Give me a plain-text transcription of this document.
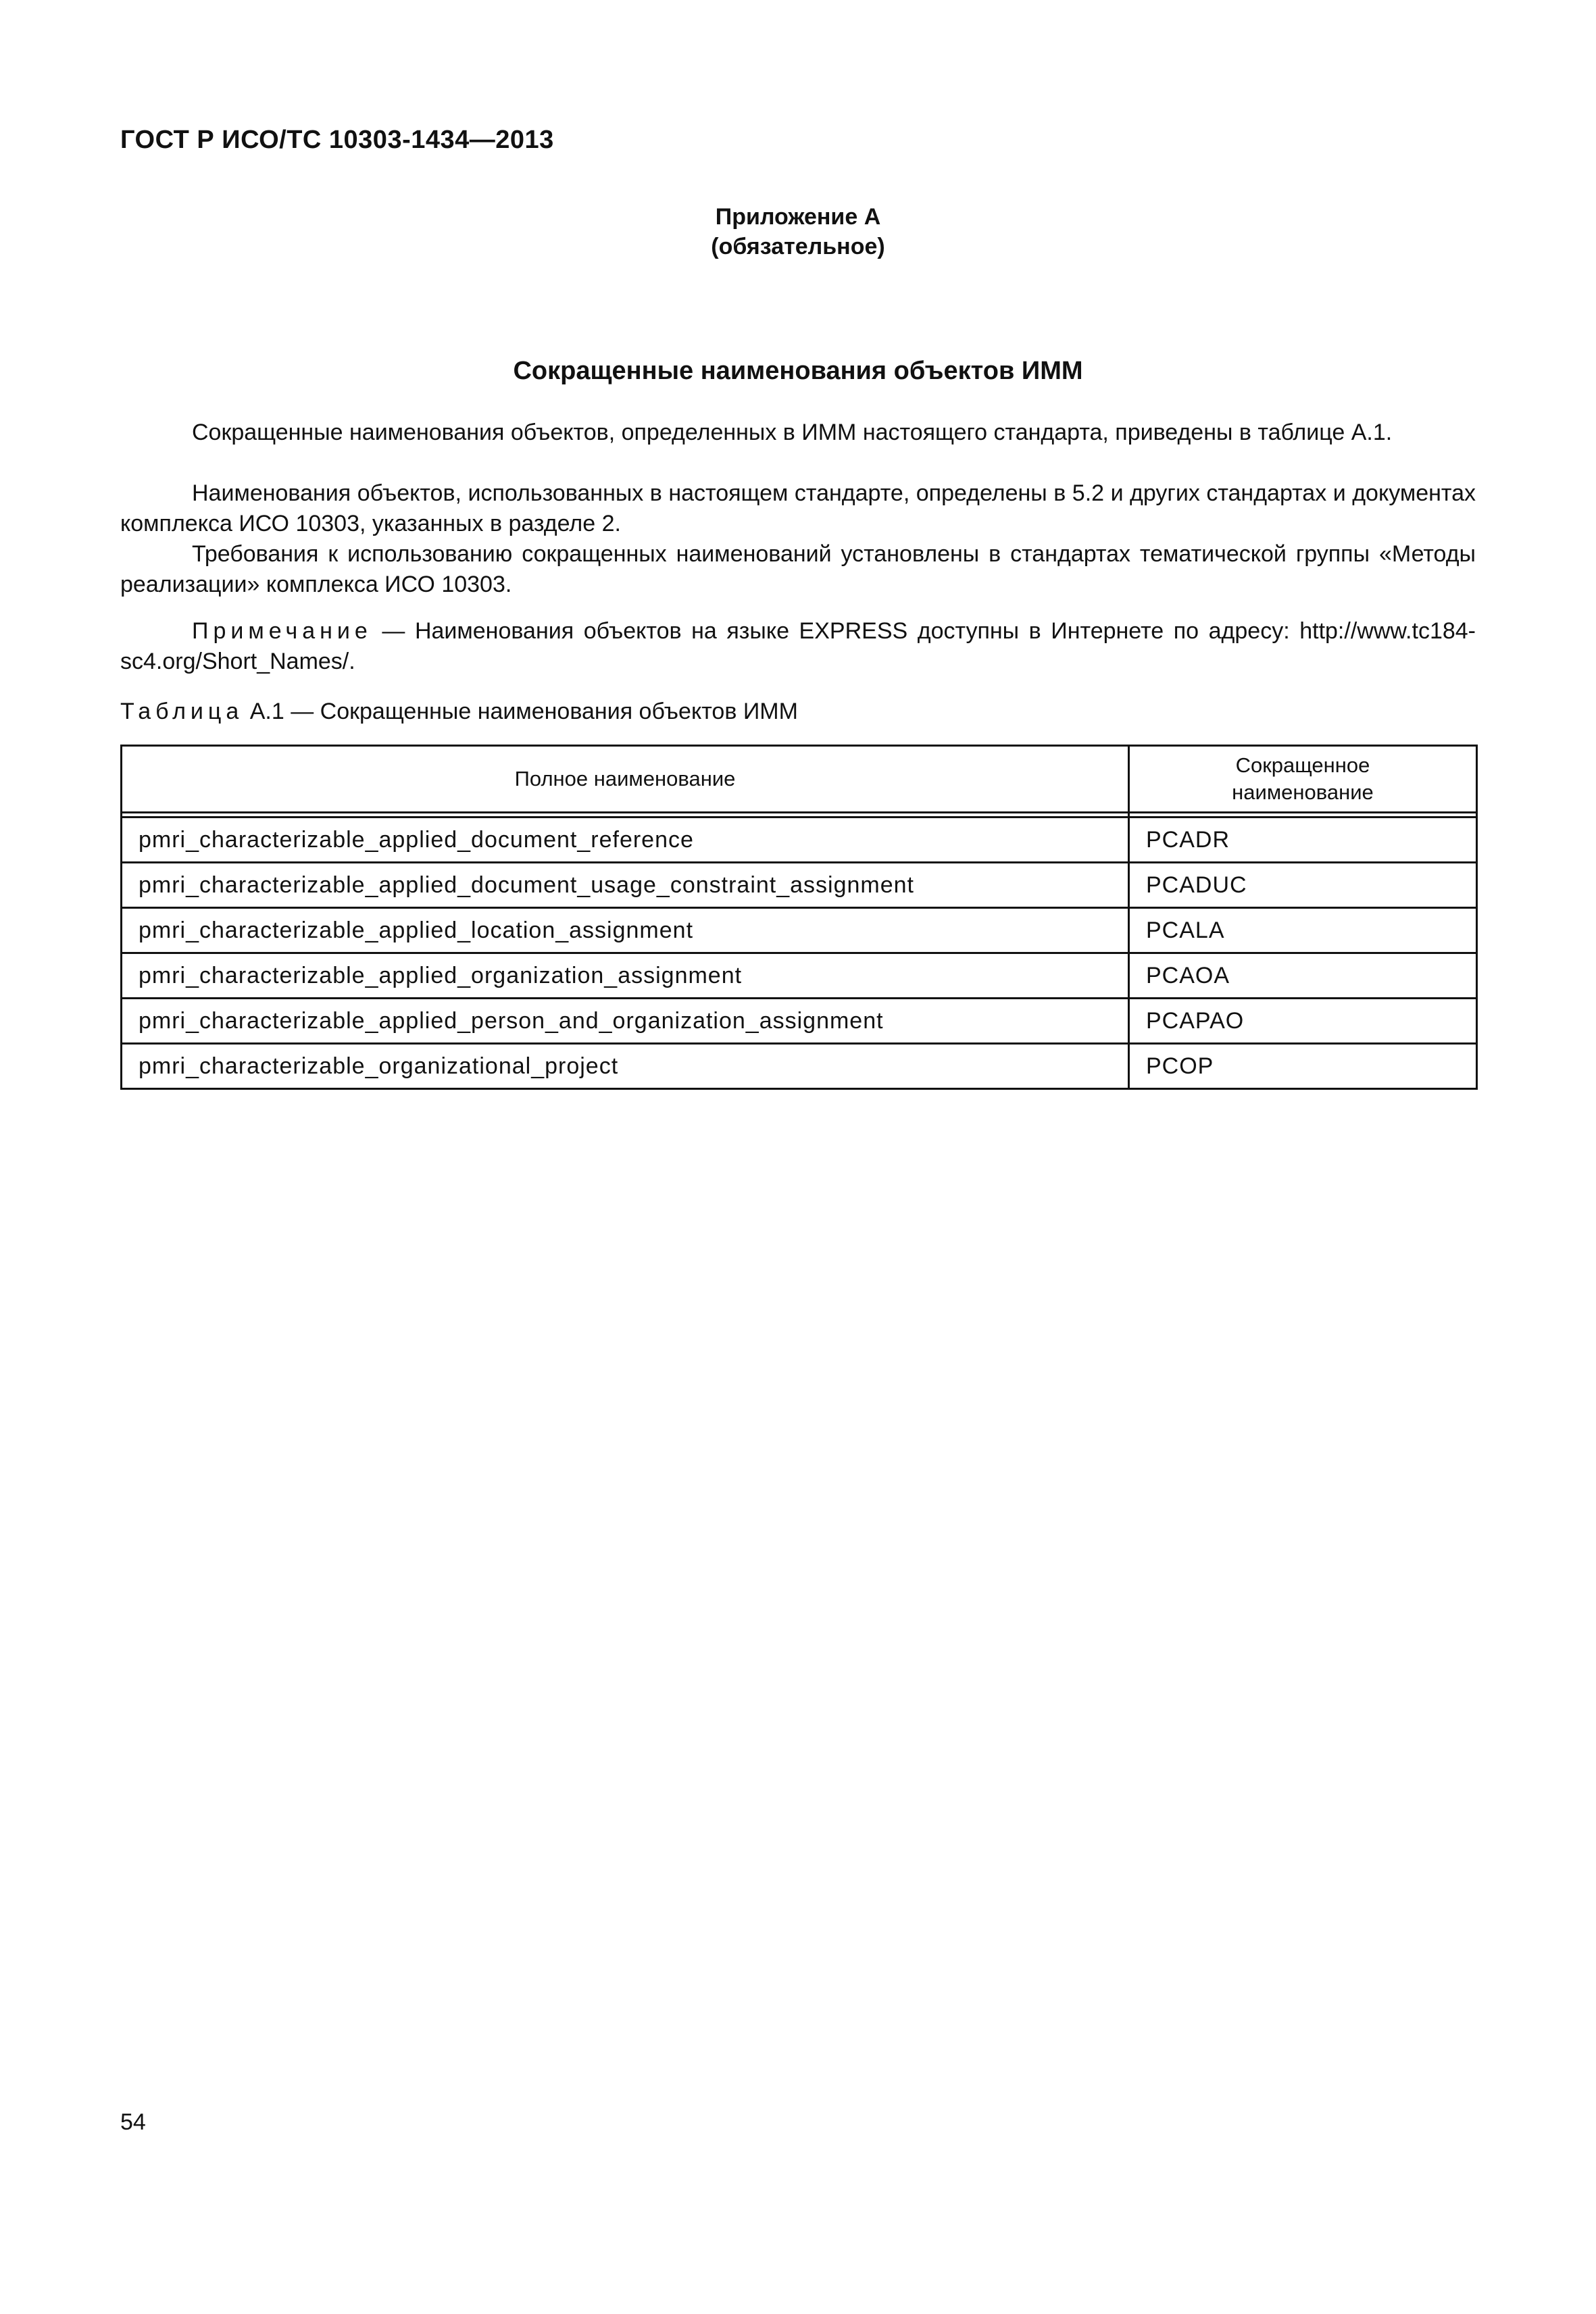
ГОСТ Р ИСО/ТС 10303-1434—2013
Приложение А
(обязательное)
Сокращенные наименования объектов ИММ

Сокращенные наименования объектов, определенных в ИММ настоящего стандарта, приведены в таблице А.1.

Наименования объектов, использованных в настоящем стандарте, определены в 5.2 и других стандартах и документах комплекса ИСО 10303, указанных в разделе 2.

Требования к использованию сокращенных наименований установлены в стандартах тематической группы «Методы реализации» комплекса ИСО 10303.

Примечание — Наименования объектов на языке EXPRESS доступны в Интернете по адресу: http://www.tc184-sc4.org/Short_Names/.

Таблица А.1 — Сокращенные наименования объектов ИММ
Полное наименование	Сокращенное
наименование

pmri_characterizable_applied_document_reference	PCADR
pmri_characterizable_applied_document_usage_constraint_assignment	PCADUC
pmri_characterizable_applied_location_assignment	PCALA
pmri_characterizable_applied_organization_assignment	PCAOA
pmri_characterizable_applied_person_and_organization_assignment	PCAPAO
pmri_characterizable_organizational_project	PCOP
54
